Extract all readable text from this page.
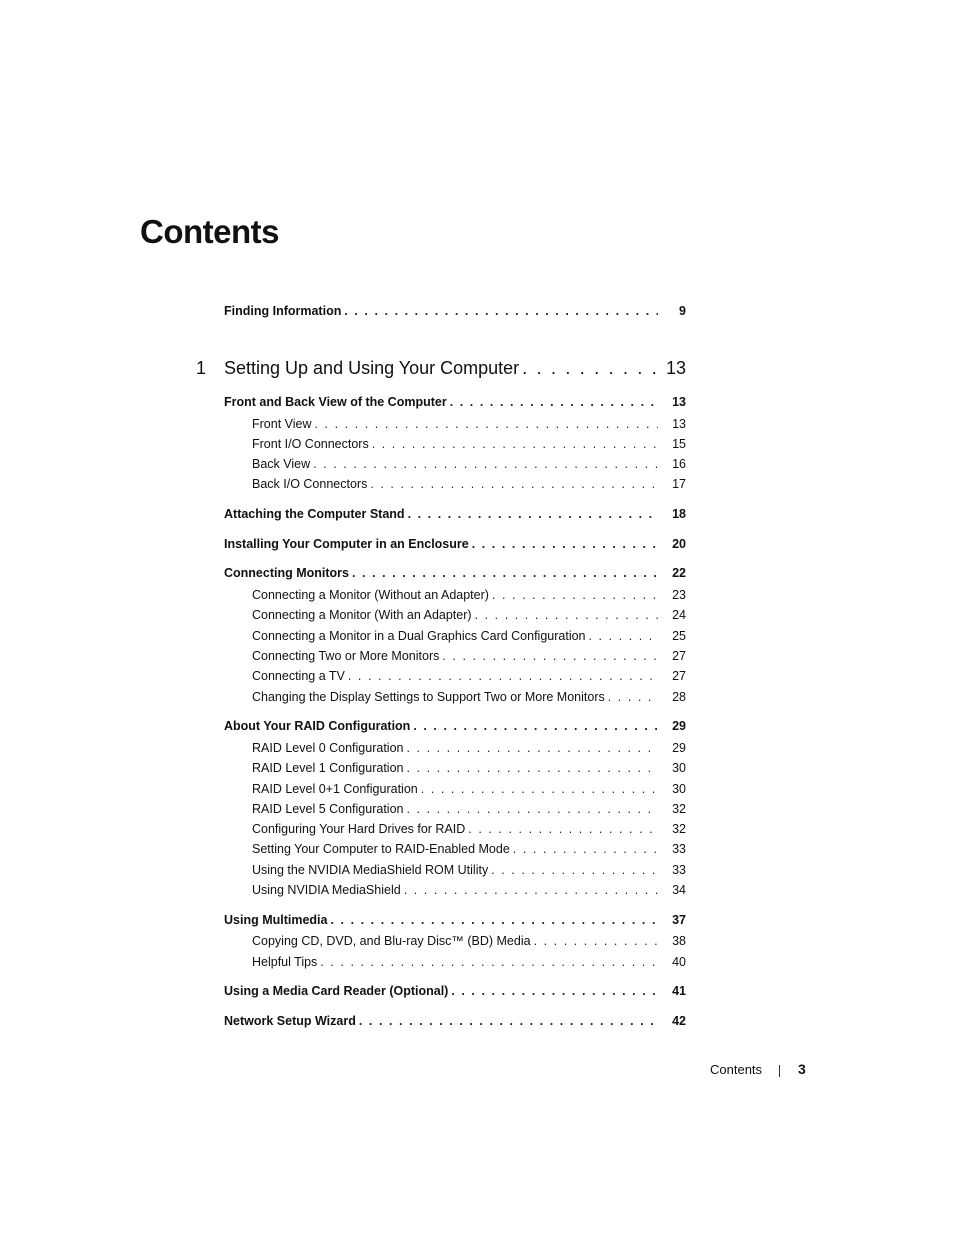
Contents
Finding Information . . .	9
1 Setting Up and Using Your Computer . . .	13
Front and Back View of the Computer . . .	13
Front View . . .	13
Front I/O Connectors . . .	15
Back View . . .	16
Back I/O Connectors . . .	17
Attaching the Computer Stand . . .	18
Installing Your Computer in an Enclosure . . .	20
Connecting Monitors . . .	22
Connecting a Monitor (Without an Adapter) . . .	23
Connecting a Monitor (With an Adapter) . . .	24
Connecting a Monitor in a Dual Graphics Card Configuration . . .	25
Connecting Two or More Monitors . . .	27
Connecting a TV . . .	27
Changing the Display Settings to Support Two or More Monitors . . .	28
About Your RAID Configuration . . .	29
RAID Level 0 Configuration . . .	29
RAID Level 1 Configuration . . .	30
RAID Level 0+1 Configuration . . .	30
RAID Level 5 Configuration . . .	32
Configuring Your Hard Drives for RAID . . .	32
Setting Your Computer to RAID-Enabled Mode . . .	33
Using the NVIDIA MediaShield ROM Utility . . .	33
Using NVIDIA MediaShield . . .	34
Using Multimedia . . .	37
Copying CD, DVD, and Blu-ray Disc™ (BD) Media . . .	38
Helpful Tips . . .	40
Using a Media Card Reader (Optional) . . .	41
Network Setup Wizard . . .	42
Contents	3
